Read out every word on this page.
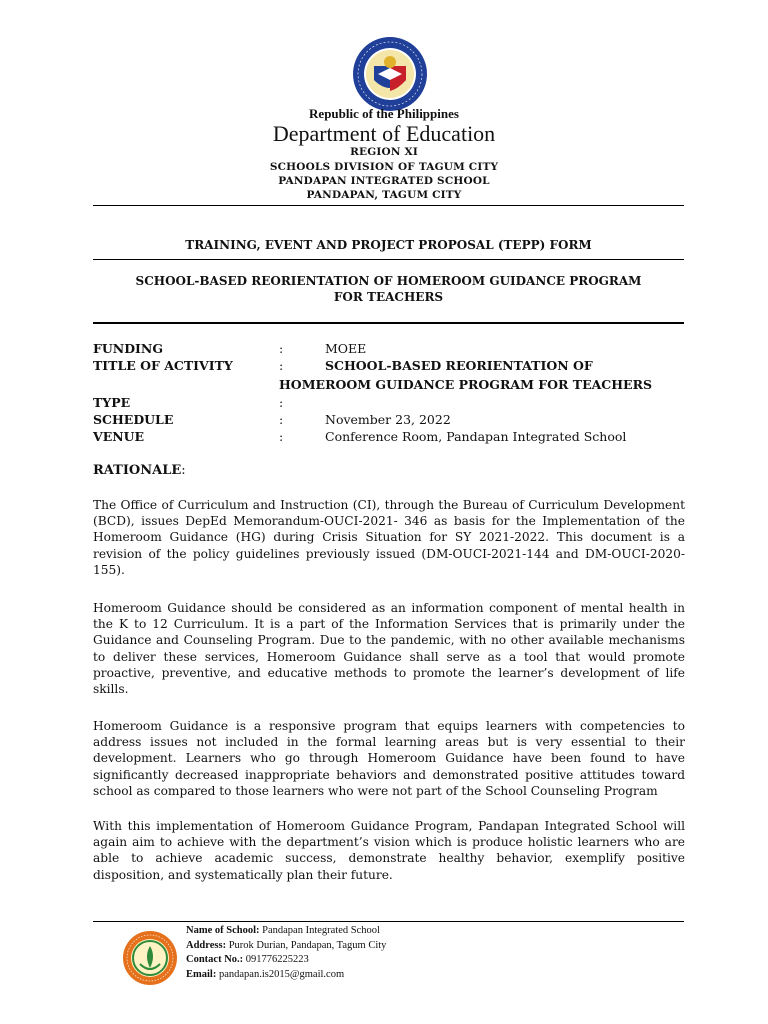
Republic of the Philippines
Department of Education
REGION XI
SCHOOLS DIVISION OF TAGUM CITY
PANDAPAN INTEGRATED SCHOOL
PANDAPAN, TAGUM CITY
TRAINING, EVENT AND PROJECT PROPOSAL (TEPP) FORM
SCHOOL-BASED REORIENTATION OF HOMEROOM GUIDANCE PROGRAM
FOR TEACHERS
FUNDING	:	MOEE
TITLE OF ACTIVITY	:	SCHOOL-BASED REORIENTATION OF
HOMEROOM GUIDANCE PROGRAM FOR TEACHERS
TYPE	:
SCHEDULE	:	November 23, 2022
VENUE	:	Conference Room, Pandapan Integrated School
RATIONALE:
The Office of Curriculum and Instruction (CI), through the Bureau of Curriculum Development (BCD), issues DepEd Memorandum-OUCI-2021- 346 as basis for the Implementation of the Homeroom Guidance (HG) during Crisis Situation for SY 2021-2022. This document is a revision of the policy guidelines previously issued (DM-OUCI-2021-144 and DM-OUCI-2020-155).
Homeroom Guidance should be considered as an information component of mental health in the K to 12 Curriculum. It is a part of the Information Services that is primarily under the Guidance and Counseling Program. Due to the pandemic, with no other available mechanisms to deliver these services, Homeroom Guidance shall serve as a tool that would promote proactive, preventive, and educative methods to promote the learner’s development of life skills.
Homeroom Guidance is a responsive program that equips learners with competencies to address issues not included in the formal learning areas but is very essential to their development. Learners who go through Homeroom Guidance have been found to have significantly decreased inappropriate behaviors and demonstrated positive attitudes toward school as compared to those learners who were not part of the School Counseling Program
With this implementation of Homeroom Guidance Program, Pandapan Integrated School will again aim to achieve with the department’s vision which is produce holistic learners who are able to achieve academic success, demonstrate healthy behavior, exemplify positive disposition, and systematically plan their future.
Name of School: Pandapan Integrated School
Address: Purok Durian, Pandapan, Tagum City
Contact No.: 091776225223
Email: pandapan.is2015@gmail.com
